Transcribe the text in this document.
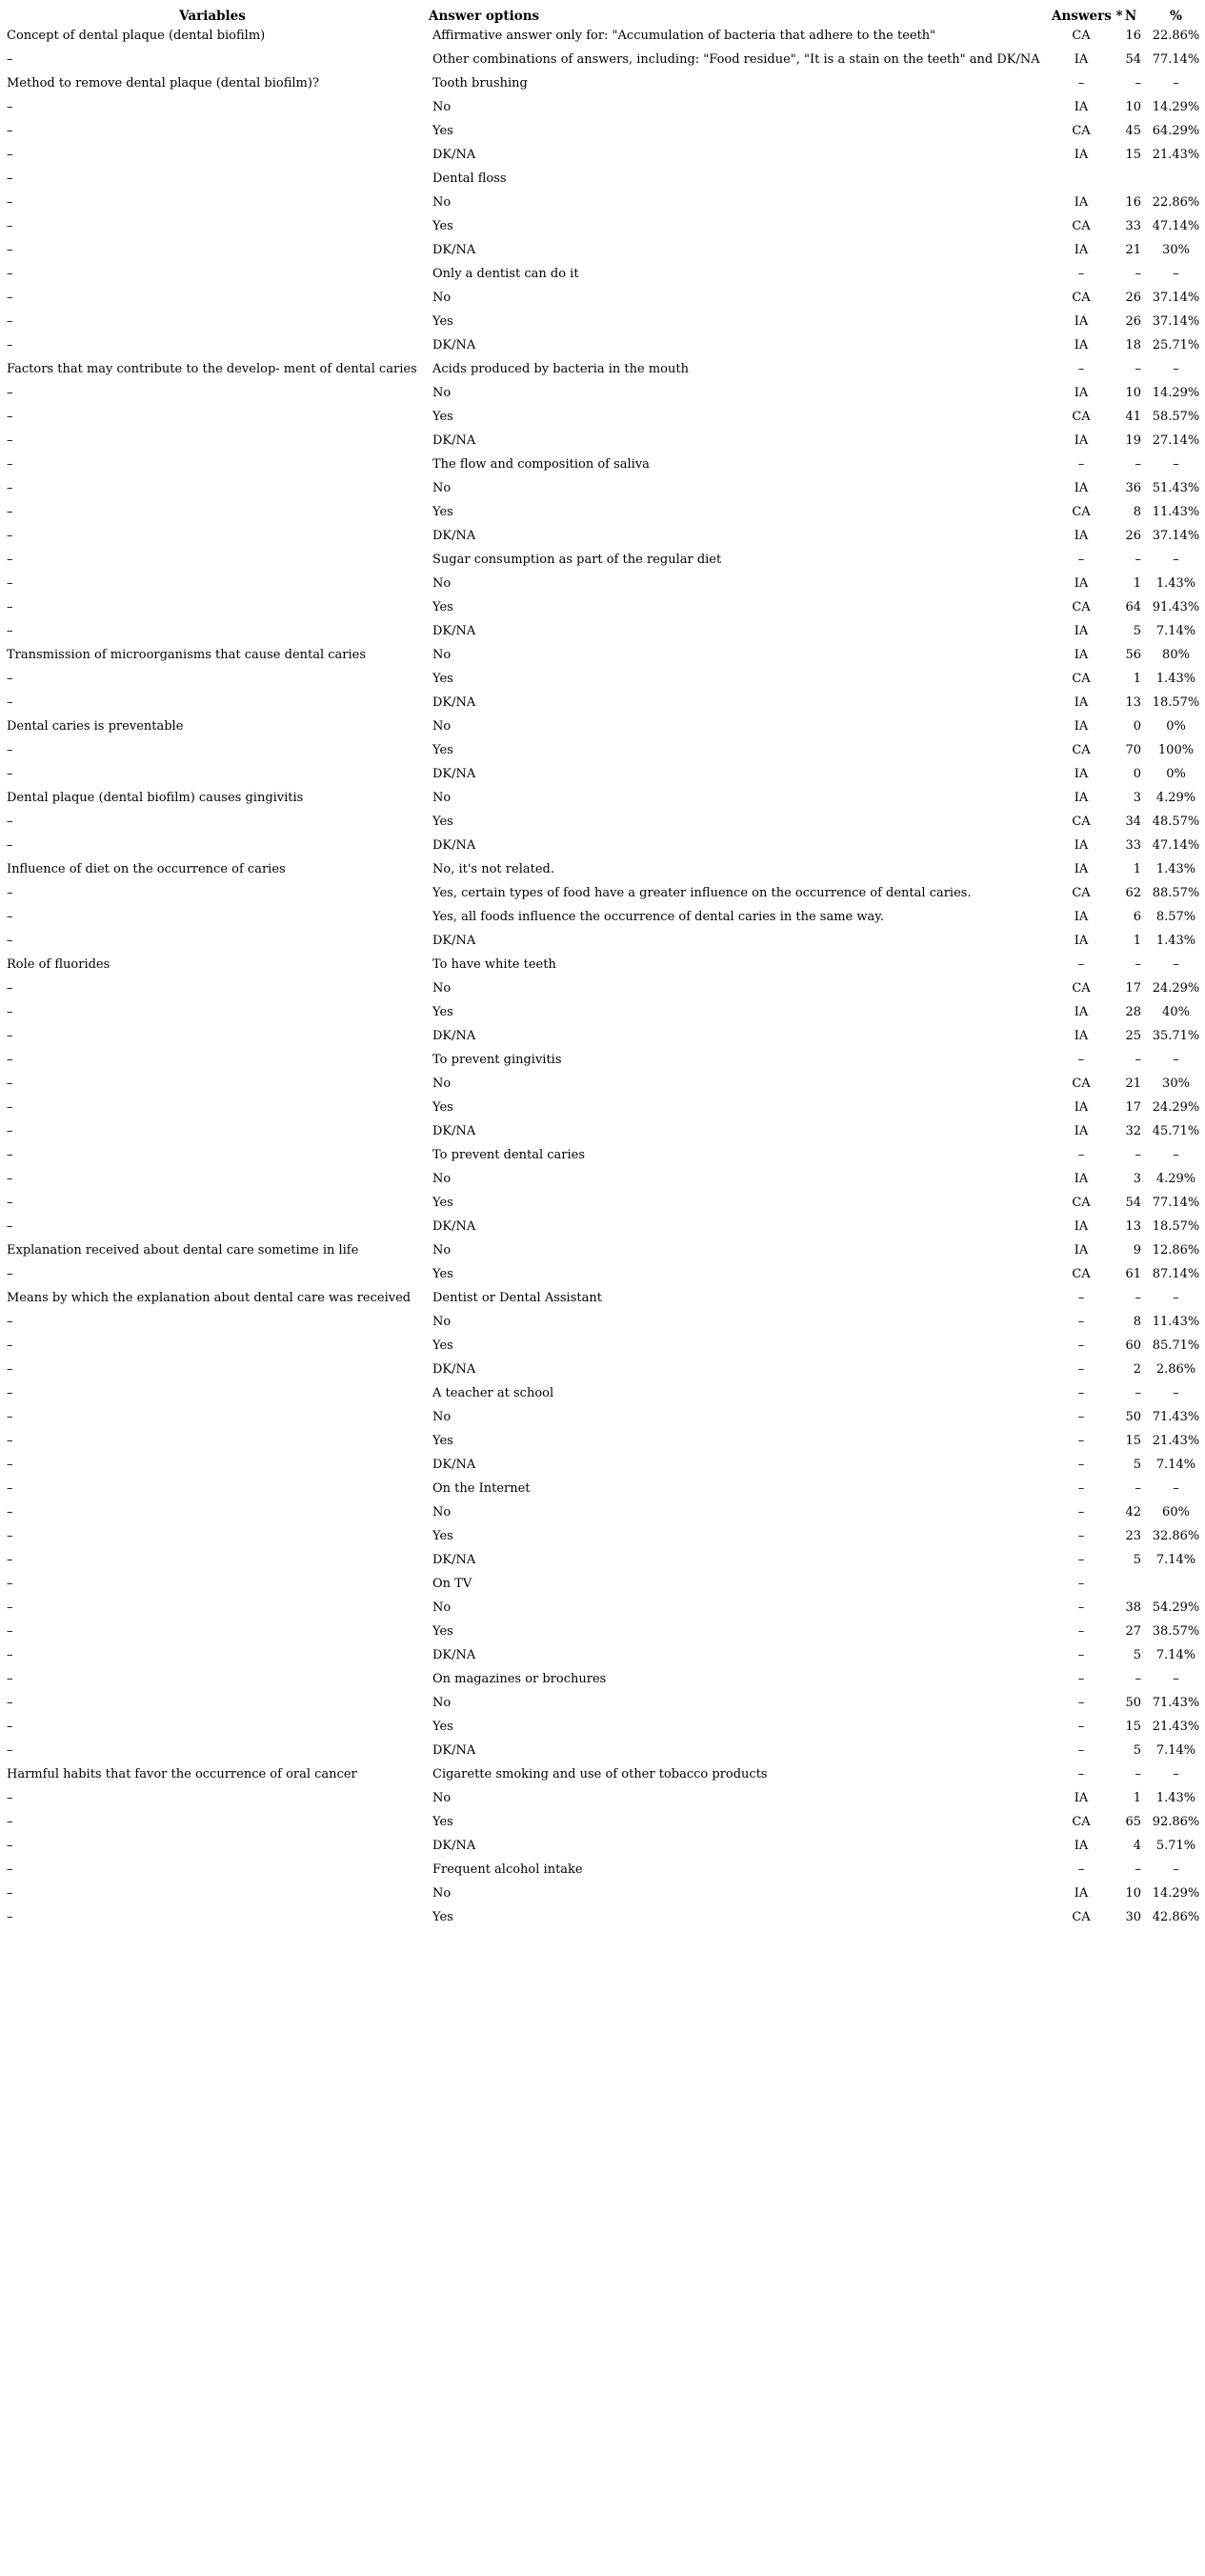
Variables	Answer options	Answers *	N	%
Concept of dental plaque (dental biofilm)	Affirmative answer only for: "Accumulation of bacteria that adhere to the teeth"	CA	16	22.86%
–	Other combinations of answers, including: "Food residue", "It is a stain on the teeth" and DK/NA	IA	54	77.14%
Method to remove dental plaque (dental biofilm)?	Tooth brushing	–	–	–
–	No	IA	10	14.29%
–	Yes	CA	45	64.29%
–	DK/NA	IA	15	21.43%
–	Dental floss			
–	No	IA	16	22.86%
–	Yes	CA	33	47.14%
–	DK/NA	IA	21	30%
–	Only a dentist can do it	–	–	–
–	No	CA	26	37.14%
–	Yes	IA	26	37.14%
–	DK/NA	IA	18	25.71%
Factors that may contribute to the develop- ment of dental caries	Acids produced by bacteria in the mouth	–	–	–
–	No	IA	10	14.29%
–	Yes	CA	41	58.57%
–	DK/NA	IA	19	27.14%
–	The flow and composition of saliva	–	–	–
–	No	IA	36	51.43%
–	Yes	CA	8	11.43%
–	DK/NA	IA	26	37.14%
–	Sugar consumption as part of the regular diet	–	–	–
–	No	IA	1	1.43%
–	Yes	CA	64	91.43%
–	DK/NA	IA	5	7.14%
Transmission of microorganisms that cause dental caries	No	IA	56	80%
–	Yes	CA	1	1.43%
–	DK/NA	IA	13	18.57%
Dental caries is preventable	No	IA	0	0%
–	Yes	CA	70	100%
–	DK/NA	IA	0	0%
Dental plaque (dental biofilm) causes gingivitis	No	IA	3	4.29%
–	Yes	CA	34	48.57%
–	DK/NA	IA	33	47.14%
Influence of diet on the occurrence of caries	No, it's not related.	IA	1	1.43%
–	Yes, certain types of food have a greater influence on the occurrence of dental caries.	CA	62	88.57%
–	Yes, all foods influence the occurrence of dental caries in the same way.	IA	6	8.57%
–	DK/NA	IA	1	1.43%
Role of fluorides	To have white teeth	–	–	–
–	No	CA	17	24.29%
–	Yes	IA	28	40%
–	DK/NA	IA	25	35.71%
–	To prevent gingivitis	–	–	–
–	No	CA	21	30%
–	Yes	IA	17	24.29%
–	DK/NA	IA	32	45.71%
–	To prevent dental caries	–	–	–
–	No	IA	3	4.29%
–	Yes	CA	54	77.14%
–	DK/NA	IA	13	18.57%
Explanation received about dental care sometime in life	No	IA	9	12.86%
–	Yes	CA	61	87.14%
Means by which the explanation about dental care was received	Dentist or Dental Assistant	–	–	–
–	No	–	8	11.43%
–	Yes	–	60	85.71%
–	DK/NA	–	2	2.86%
–	A teacher at school	–	–	–
–	No	–	50	71.43%
–	Yes	–	15	21.43%
–	DK/NA	–	5	7.14%
–	On the Internet	–	–	–
–	No	–	42	60%
–	Yes	–	23	32.86%
–	DK/NA	–	5	7.14%
–	On TV	–		
–	No	–	38	54.29%
–	Yes	–	27	38.57%
–	DK/NA	–	5	7.14%
–	On magazines or brochures	–	–	–
–	No	–	50	71.43%
–	Yes	–	15	21.43%
–	DK/NA	–	5	7.14%
Harmful habits that favor the occurrence of oral cancer	Cigarette smoking and use of other tobacco products	–	–	–
–	No	IA	1	1.43%
–	Yes	CA	65	92.86%
–	DK/NA	IA	4	5.71%
–	Frequent alcohol intake	–	–	–
–	No	IA	10	14.29%
–	Yes	CA	30	42.86%
